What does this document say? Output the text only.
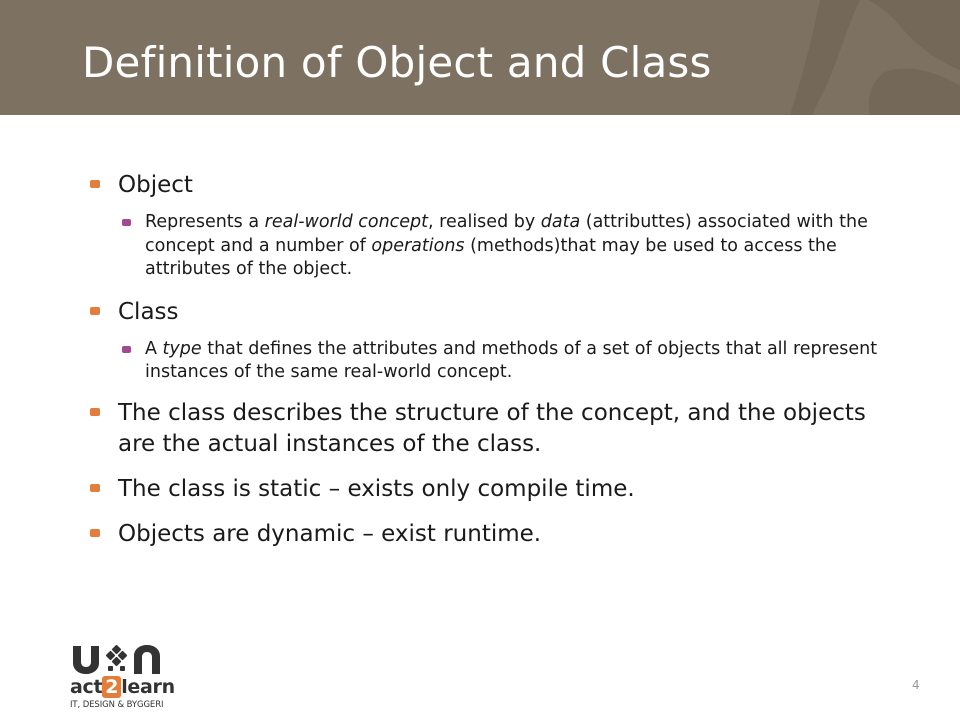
Definition of Object and Class
Object
Represents a real-world concept, realised by data (attributtes) associated with the concept and a number of operations (methods)that may be used to access the attributes of the object.
Class
A type that defines the attributes and methods of a set of objects that all represent instances of the same real-world concept.
The class describes the structure of the concept, and the objects are the actual instances of the class.
The class is static – exists only compile time.
Objects are dynamic – exist runtime.
act 2 learn
IT, DESIGN & BYGGERI
4
